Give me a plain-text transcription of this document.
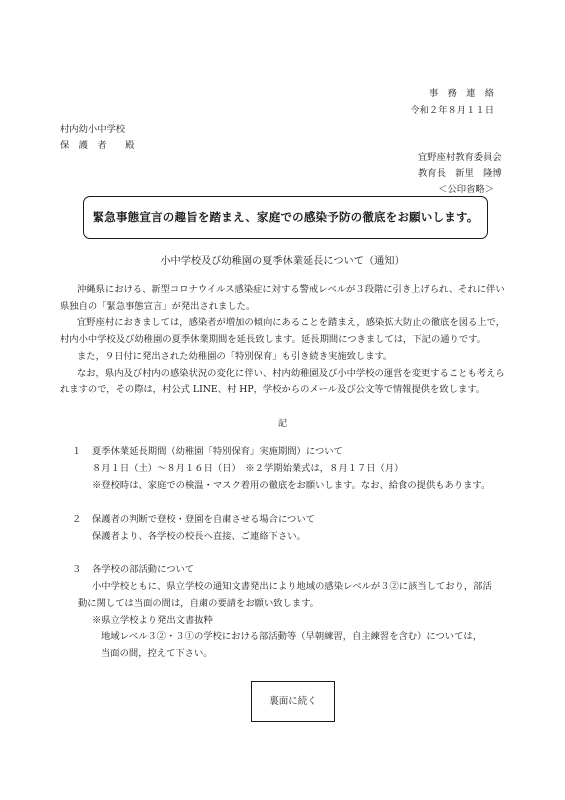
事　務　連　絡
令和２年８月１１日
村内幼小中学校
保　護　者　　殿
宜野座村教育委員会
教育長　新里　隆博
＜公印省略＞
緊急事態宣言の趣旨を踏まえ、家庭での感染予防の徹底をお願いします。
小中学校及び幼稚園の夏季休業延長について（通知）
沖縄県における、新型コロナウイルス感染症に対する警戒レベルが３段階に引き上げられ、それに伴い
県独自の「緊急事態宣言」が発出されました。
宜野座村におきましては，感染者が増加の傾向にあることを踏まえ，感染拡大防止の徹底を図る上で，
村内小中学校及び幼稚園の夏季休業期間を延長致します。延長期間につきましては，下記の通りです。
また，９日付に発出された幼稚園の「特別保育」も引き続き実施致します。
なお，県内及び村内の感染状況の変化に伴い、村内幼稚園及び小中学校の運営を変更することも考えら
れますので，その際は，村公式 LINE、村 HP，学校からのメール及び公文等で情報提供を致します。
記
１ 夏季休業延長期間（幼稚園「特別保育」実施期間）について
８月１日（土）～８月１６日（日）　※２学期始業式は，８月１７日（月）
※登校時は、家庭での検温・マスク着用の徹底をお願いします。なお、給食の提供もあります。
２ 保護者の判断で登校・登園を自粛させる場合について
保護者より、各学校の校長へ直接、ご連絡下さい。
３ 各学校の部活動について
小中学校ともに、県立学校の通知文書発出により地域の感染レベルが３②に該当しており，部活
動に関しては当面の間は，自粛の要請をお願い致します。
※県立学校より発出文書抜粋
地域レベル３②・３①の学校における部活動等（早朝練習，自主練習を含む）については，
当面の間，控えて下さい。
裏面に続く
